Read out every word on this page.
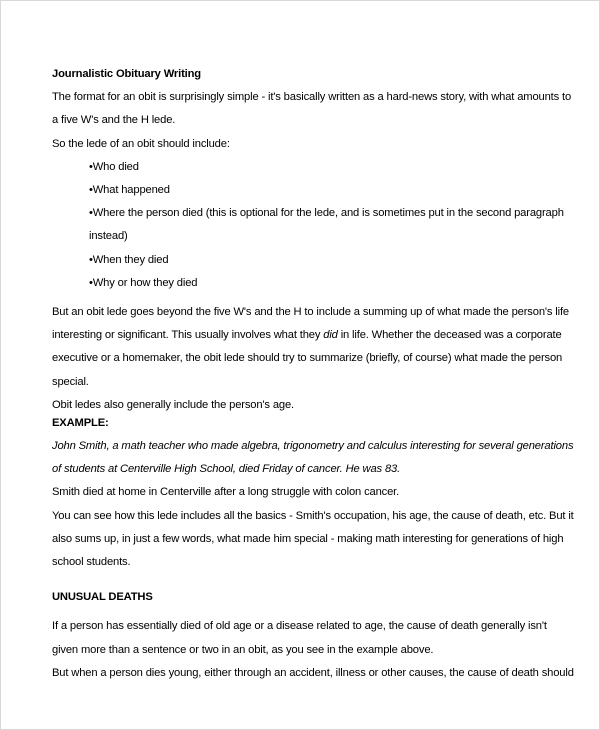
Journalistic Obituary Writing
The format for an obit is surprisingly simple - it's basically written as a hard-news story, with what amounts to
a five W's and the H lede.
So the lede of an obit should include:
•Who died
•What happened
•Where the person died (this is optional for the lede, and is sometimes put in the second paragraph
instead)
•When they died
•Why or how they died
But an obit lede goes beyond the five W's and the H to include a summing up of what made the person's life
interesting or significant. This usually involves what they did in life. Whether the deceased was a corporate
executive or a homemaker, the obit lede should try to summarize (briefly, of course) what made the person
special.
Obit ledes also generally include the person's age.
EXAMPLE:
John Smith, a math teacher who made algebra, trigonometry and calculus interesting for several generations
of students at Centerville High School, died Friday of cancer. He was 83.
Smith died at home in Centerville after a long struggle with colon cancer.
You can see how this lede includes all the basics - Smith's occupation, his age, the cause of death, etc. But it
also sums up, in just a few words, what made him special - making math interesting for generations of high
school students.
UNUSUAL DEATHS
If a person has essentially died of old age or a disease related to age, the cause of death generally isn't
given more than a sentence or two in an obit, as you see in the example above.
But when a person dies young, either through an accident, illness or other causes, the cause of death should
